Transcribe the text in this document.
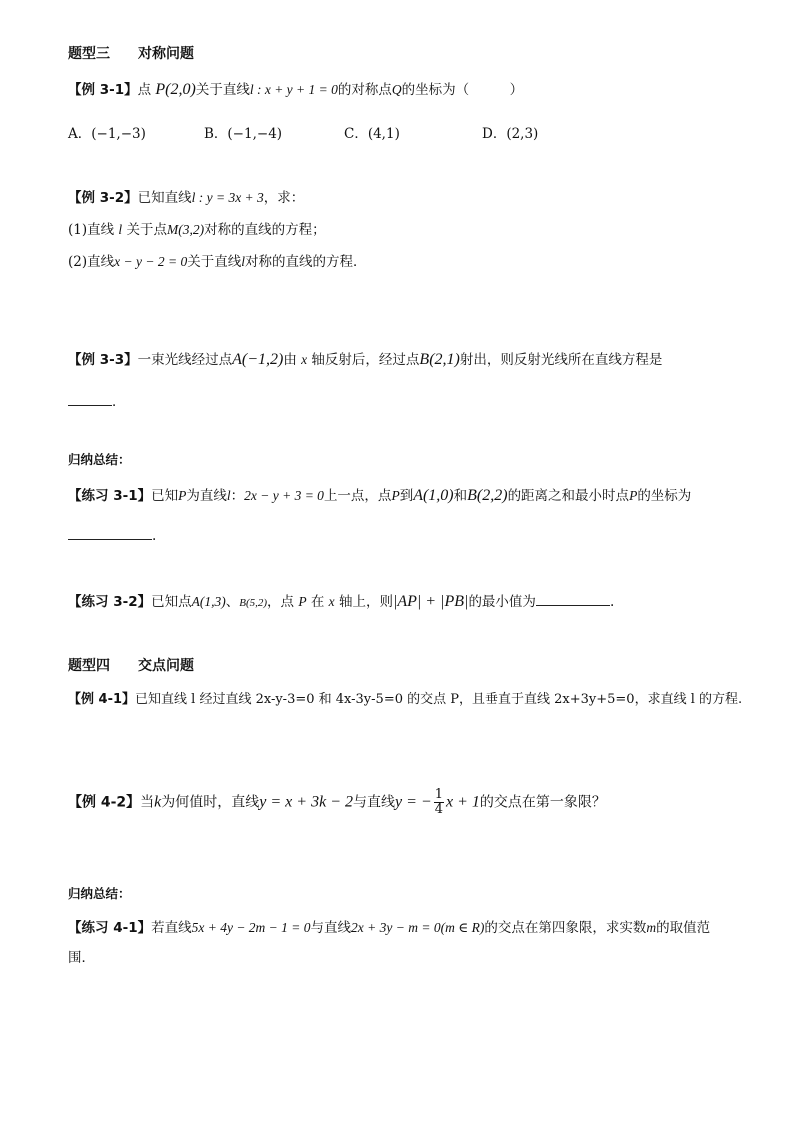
题型三　　对称问题
【例 3-1】点 P(2,0)关于直线l : x + y + 1 = 0的对称点Q的坐标为（　　　）
A．(−1,−3)	B．(−1,−4)	C．(4,1)	D．(2,3)
【例 3-2】已知直线l : y = 3x + 3，求：
(1)直线 l 关于点M(3,2)对称的直线的方程；
(2)直线x − y − 2 = 0关于直线l对称的直线的方程．
【例 3-3】一束光线经过点A(−1,2)由 x 轴反射后，经过点B(2,1)射出，则反射光线所在直线方程是
．
归纳总结：
【练习 3-1】已知P为直线l：2x − y + 3 = 0上一点，点P到A(1,0)和B(2,2)的距离之和最小时点P的坐标为
.
【练习 3-2】已知点A(1,3)、B(5,2)，点 P 在 x 轴上，则|AP| + |PB|的最小值为	.
题型四　　交点问题
【例 4-1】已知直线 l 经过直线 2x-y-3=0 和 4x-3y-5=0 的交点 P，且垂直于直线 2x+3y+5=0，求直线 l 的方程.
【例 4-2】当k为何值时，直线y = x + 3k − 2与直线y = − $\frac{1}{4}$ x + 1的交点在第一象限？
归纳总结：
【练习 4-1】若直线5x + 4y − 2m − 1 = 0与直线2x + 3y − m = 0(m ∈ R)的交点在第四象限，求实数m的取值范
围．
